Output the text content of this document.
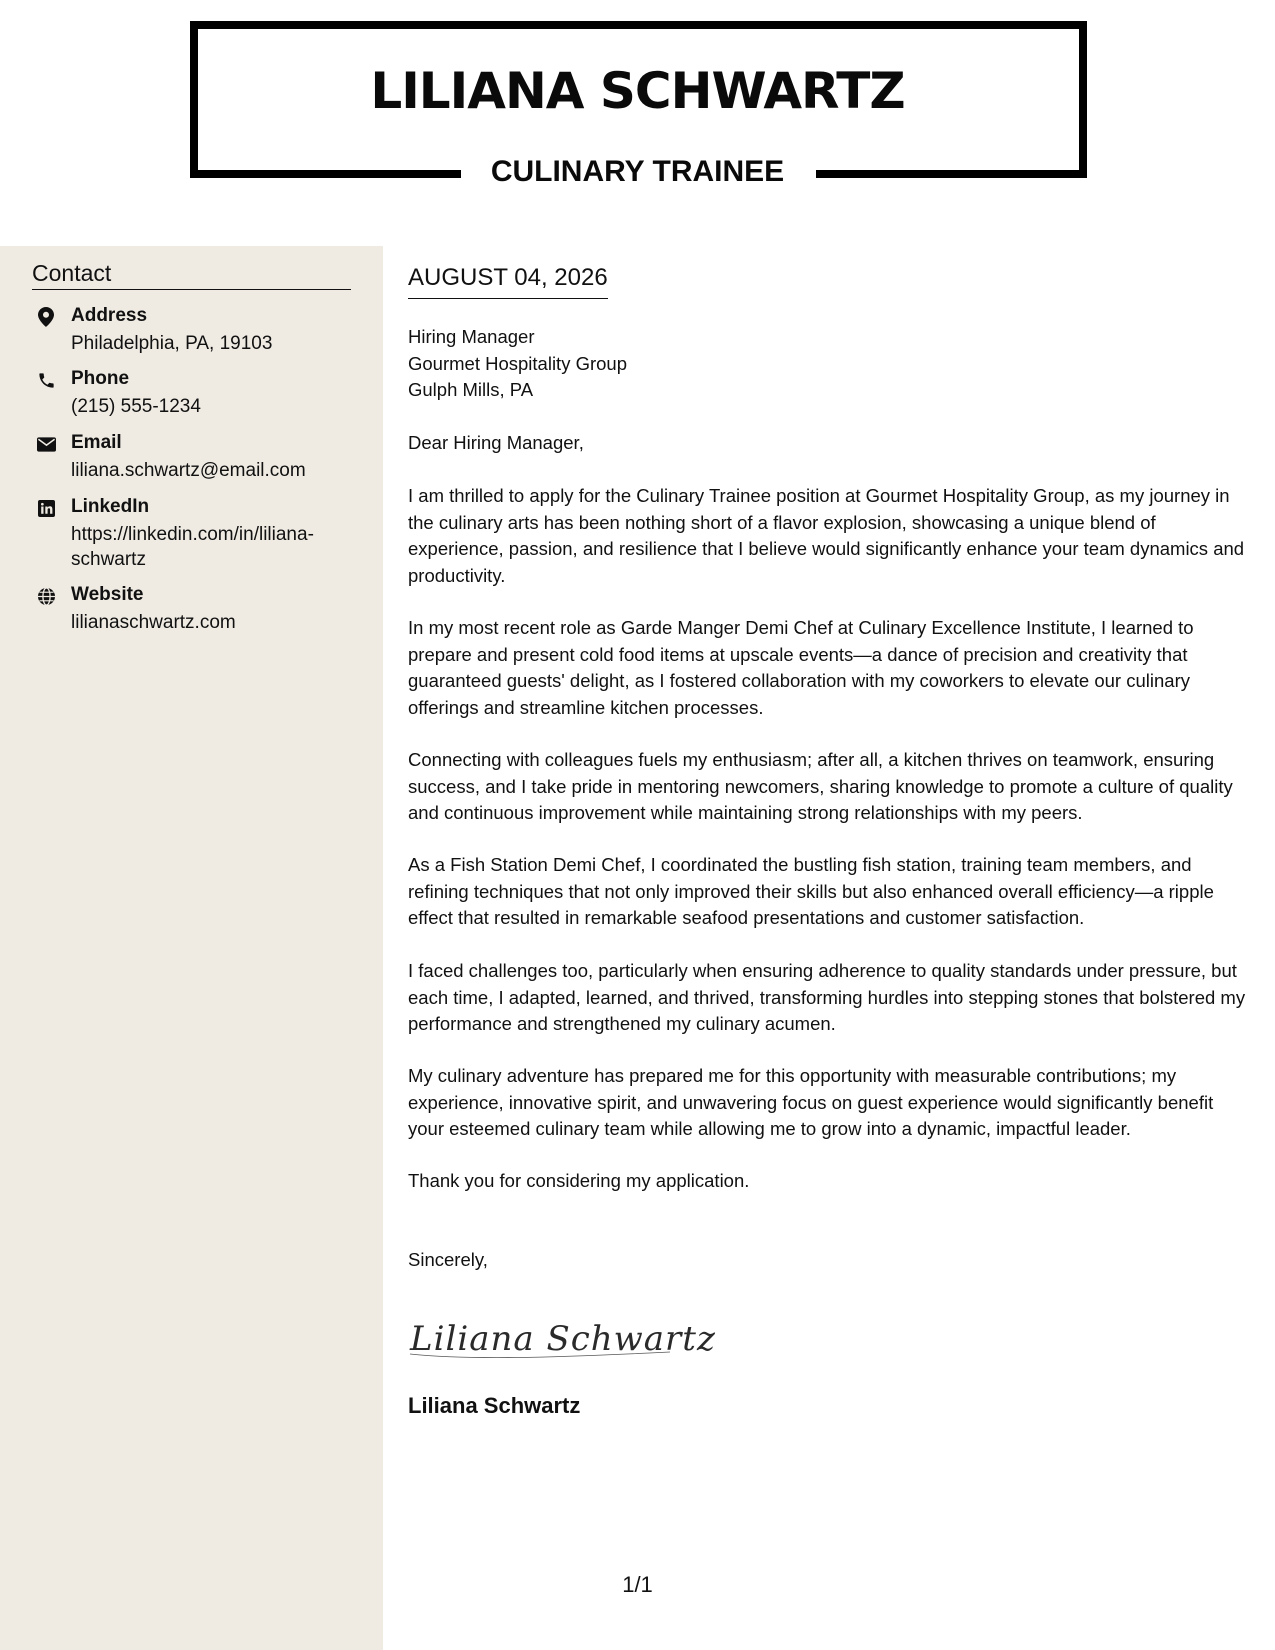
LILIANA SCHWARTZ
CULINARY TRAINEE
Contact
Address
Philadelphia, PA, 19103
Phone
(215) 555-1234
Email
liliana.schwartz@email.com
LinkedIn
https://linkedin.com/in/liliana-schwartz
Website
lilianaschwartz.com
AUGUST 04, 2026
Hiring Manager
Gourmet Hospitality Group
Gulph Mills, PA
Dear Hiring Manager,
I am thrilled to apply for the Culinary Trainee position at Gourmet Hospitality Group, as my journey in the culinary arts has been nothing short of a flavor explosion, showcasing a unique blend of experience, passion, and resilience that I believe would significantly enhance your team dynamics and productivity.
In my most recent role as Garde Manger Demi Chef at Culinary Excellence Institute, I learned to prepare and present cold food items at upscale events—a dance of precision and creativity that guaranteed guests' delight, as I fostered collaboration with my coworkers to elevate our culinary offerings and streamline kitchen processes.
Connecting with colleagues fuels my enthusiasm; after all, a kitchen thrives on teamwork, ensuring success, and I take pride in mentoring newcomers, sharing knowledge to promote a culture of quality and continuous improvement while maintaining strong relationships with my peers.
As a Fish Station Demi Chef, I coordinated the bustling fish station, training team members, and refining techniques that not only improved their skills but also enhanced overall efficiency—a ripple effect that resulted in remarkable seafood presentations and customer satisfaction.
I faced challenges too, particularly when ensuring adherence to quality standards under pressure, but each time, I adapted, learned, and thrived, transforming hurdles into stepping stones that bolstered my performance and strengthened my culinary acumen.
My culinary adventure has prepared me for this opportunity with measurable contributions; my experience, innovative spirit, and unwavering focus on guest experience would significantly benefit your esteemed culinary team while allowing me to grow into a dynamic, impactful leader.
Thank you for considering my application.
Sincerely,
Liliana Schwartz
Liliana Schwartz
1/1
